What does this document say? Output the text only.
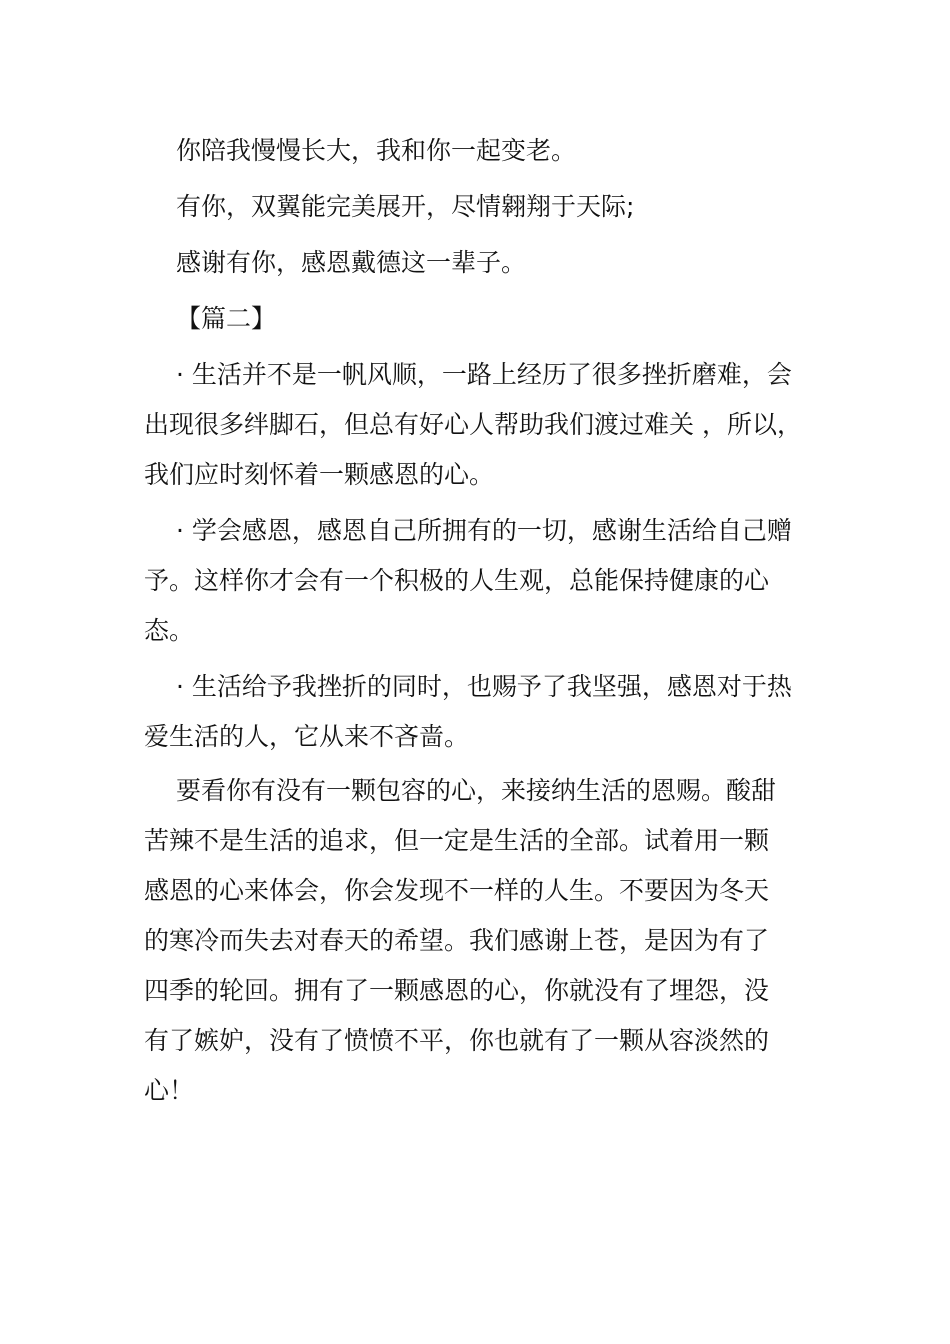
你陪我慢慢长大，我和你一起变老。
有你，双翼能完美展开，尽情翱翔于天际;
感谢有你，感恩戴德这一辈子。
【篇二】
· 生活并不是一帆风顺，一路上经历了很多挫折磨难，会
出现很多绊脚石，但总有好心人帮助我们渡过难关 ，所以，
我们应时刻怀着一颗感恩的心。
· 学会感恩，感恩自己所拥有的一切，感谢生活给自己赠
予。这样你才会有一个积极的人生观，总能保持健康的心
态。
· 生活给予我挫折的同时，也赐予了我坚强，感恩对于热
爱生活的人，它从来不吝啬。
要看你有没有一颗包容的心，来接纳生活的恩赐。酸甜
苦辣不是生活的追求，但一定是生活的全部。试着用一颗
感恩的心来体会，你会发现不一样的人生。不要因为冬天
的寒冷而失去对春天的希望。我们感谢上苍，是因为有了
四季的轮回。拥有了一颗感恩的心，你就没有了埋怨，没
有了嫉妒，没有了愤愤不平，你也就有了一颗从容淡然的
心！
